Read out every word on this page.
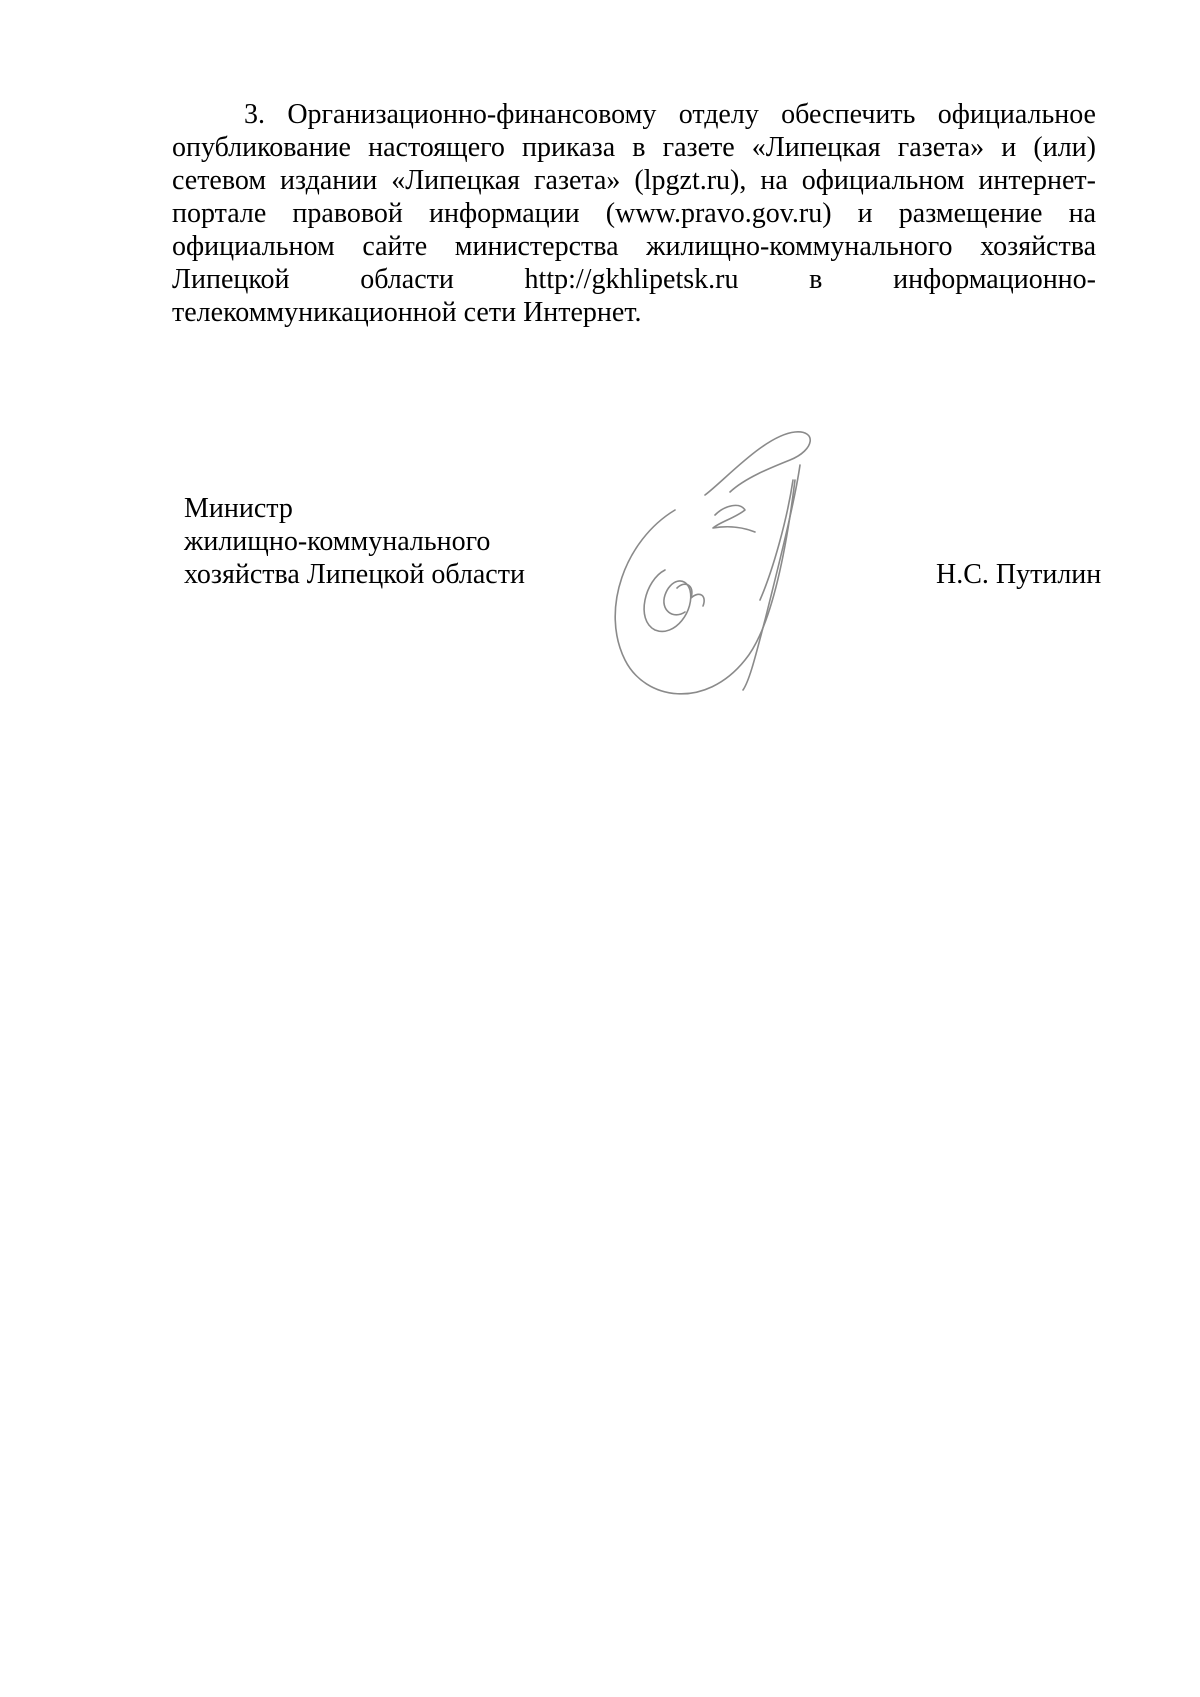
3. Организационно-финансовому отделу обеспечить официальное
опубликование настоящего приказа в газете «Липецкая газета» и (или)
сетевом издании «Липецкая газета» (lpgzt.ru), на официальном интернет-
портале правовой информации (www.pravo.gov.ru) и размещение на
официальном сайте министерства жилищно-коммунального хозяйства
Липецкой области http://gkhlipetsk.ru в информационно-
телекоммуникационной сети Интернет.
Министр
жилищно-коммунального
хозяйства Липецкой области	Н.С. Путилин
